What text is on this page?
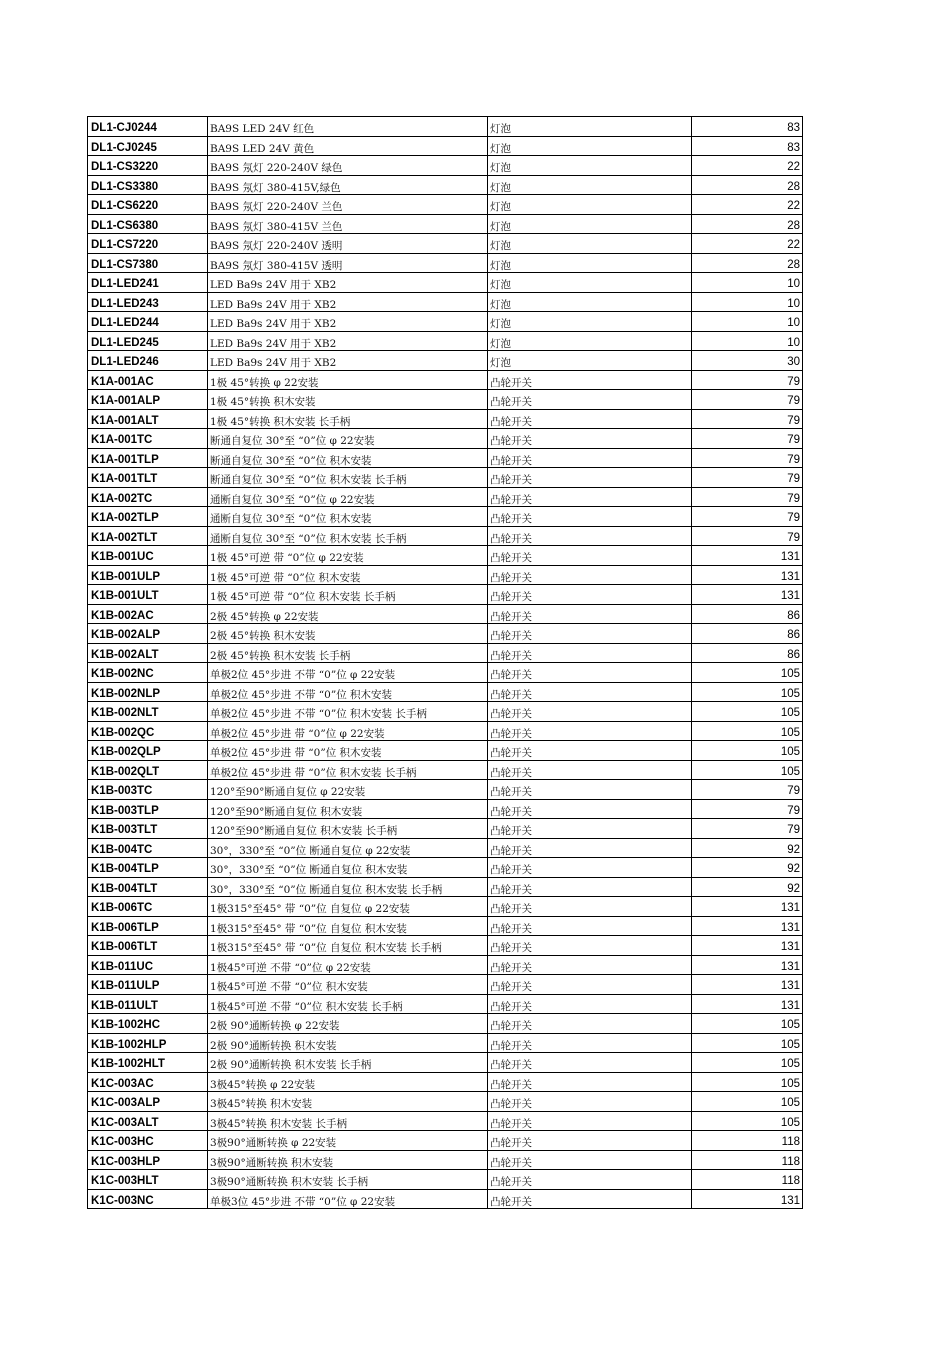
DL1-CJ0244	BA9S LED 24V 红色	灯泡	83
DL1-CJ0245	BA9S LED 24V 黄色	灯泡	83
DL1-CS3220	BA9S 氖灯 220-240V 绿色	灯泡	22
DL1-CS3380	BA9S 氖灯 380-415V,绿色	灯泡	28
DL1-CS6220	BA9S 氖灯 220-240V 兰色	灯泡	22
DL1-CS6380	BA9S 氖灯 380-415V 兰色	灯泡	28
DL1-CS7220	BA9S 氖灯 220-240V 透明	灯泡	22
DL1-CS7380	BA9S 氖灯 380-415V 透明	灯泡	28
DL1-LED241	LED Ba9s 24V 用于 XB2	灯泡	10
DL1-LED243	LED Ba9s 24V 用于 XB2	灯泡	10
DL1-LED244	LED Ba9s 24V 用于 XB2	灯泡	10
DL1-LED245	LED Ba9s 24V 用于 XB2	灯泡	10
DL1-LED246	LED Ba9s 24V 用于 XB2	灯泡	30
K1A-001AC	1极 45°转换 φ 22安装	凸轮开关	79
K1A-001ALP	1极 45°转换 积木安装	凸轮开关	79
K1A-001ALT	1极 45°转换 积木安装 长手柄	凸轮开关	79
K1A-001TC	断通自复位 30°至 “0”位 φ 22安装	凸轮开关	79
K1A-001TLP	断通自复位 30°至 “0”位 积木安装	凸轮开关	79
K1A-001TLT	断通自复位 30°至 “0”位 积木安装 长手柄	凸轮开关	79
K1A-002TC	通断自复位 30°至 “0”位 φ 22安装	凸轮开关	79
K1A-002TLP	通断自复位 30°至 “0”位 积木安装	凸轮开关	79
K1A-002TLT	通断自复位 30°至 “0”位 积木安装 长手柄	凸轮开关	79
K1B-001UC	1极 45°可逆 带 “0”位 φ 22安装	凸轮开关	131
K1B-001ULP	1极 45°可逆 带 “0”位 积木安装	凸轮开关	131
K1B-001ULT	1极 45°可逆 带 “0”位 积木安装 长手柄	凸轮开关	131
K1B-002AC	2极 45°转换 φ 22安装	凸轮开关	86
K1B-002ALP	2极 45°转换 积木安装	凸轮开关	86
K1B-002ALT	2极 45°转换 积木安装 长手柄	凸轮开关	86
K1B-002NC	单极2位 45°步进 不带 “0”位 φ 22安装	凸轮开关	105
K1B-002NLP	单极2位 45°步进 不带 “0”位 积木安装	凸轮开关	105
K1B-002NLT	单极2位 45°步进 不带 “0”位 积木安装 长手柄	凸轮开关	105
K1B-002QC	单极2位 45°步进 带 “0”位 φ 22安装	凸轮开关	105
K1B-002QLP	单极2位 45°步进 带 “0”位 积木安装	凸轮开关	105
K1B-002QLT	单极2位 45°步进 带 “0”位 积木安装 长手柄	凸轮开关	105
K1B-003TC	120°至90°断通自复位 φ 22安装	凸轮开关	79
K1B-003TLP	120°至90°断通自复位 积木安装	凸轮开关	79
K1B-003TLT	120°至90°断通自复位 积木安装 长手柄	凸轮开关	79
K1B-004TC	30°，330°至 “0”位 断通自复位 φ 22安装	凸轮开关	92
K1B-004TLP	30°，330°至 “0”位 断通自复位 积木安装	凸轮开关	92
K1B-004TLT	30°，330°至 “0”位 断通自复位 积木安装 长手柄	凸轮开关	92
K1B-006TC	1极315°至45° 带 “0”位 自复位 φ 22安装	凸轮开关	131
K1B-006TLP	1极315°至45° 带 “0”位 自复位 积木安装	凸轮开关	131
K1B-006TLT	1极315°至45° 带 “0”位 自复位 积木安装 长手柄	凸轮开关	131
K1B-011UC	1极45°可逆 不带 “0”位 φ 22安装	凸轮开关	131
K1B-011ULP	1极45°可逆 不带 “0”位 积木安装	凸轮开关	131
K1B-011ULT	1极45°可逆 不带 “0”位 积木安装 长手柄	凸轮开关	131
K1B-1002HC	2极 90°通断转换 φ 22安装	凸轮开关	105
K1B-1002HLP	2极 90°通断转换 积木安装	凸轮开关	105
K1B-1002HLT	2极 90°通断转换 积木安装 长手柄	凸轮开关	105
K1C-003AC	3极45°转换 φ 22安装	凸轮开关	105
K1C-003ALP	3极45°转换 积木安装	凸轮开关	105
K1C-003ALT	3极45°转换 积木安装 长手柄	凸轮开关	105
K1C-003HC	3极90°通断转换 φ 22安装	凸轮开关	118
K1C-003HLP	3极90°通断转换 积木安装	凸轮开关	118
K1C-003HLT	3极90°通断转换 积木安装 长手柄	凸轮开关	118
K1C-003NC	单极3位 45°步进 不带 “0”位 φ 22安装	凸轮开关	131
